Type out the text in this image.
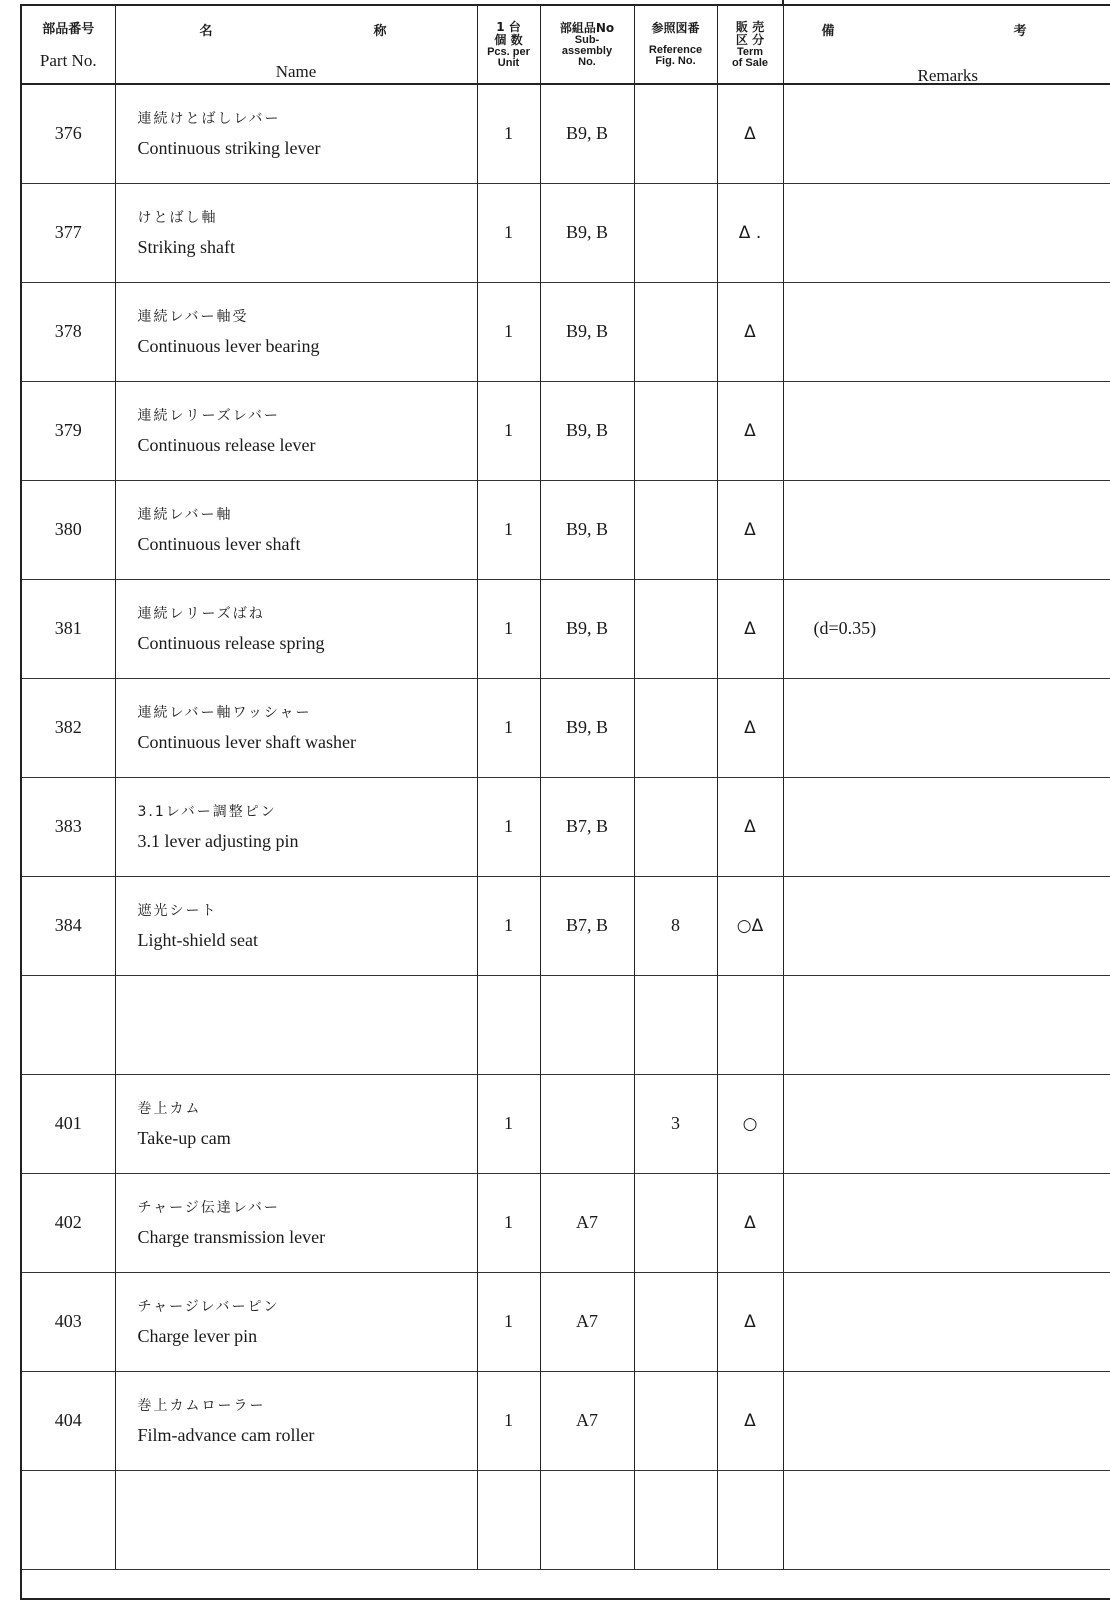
部品番号
Part No.	名 称
Name	1 台
個 数
Pcs. per
Unit	部組品No
Sub-
assembly
No.	参照図番
Reference
Fig. No.	販 売
区 分
Term
of Sale	備 考
Remarks

376	連続けとばしレバー
Continuous striking lever	1	B9, B		Δ	
377	けとばし軸
Striking shaft	1	B9, B		Δ .	
378	連続レバー軸受
Continuous lever bearing	1	B9, B		Δ	
379	連続レリーズレバー
Continuous release lever	1	B9, B		Δ	
380	連続レバー軸
Continuous lever shaft	1	B9, B		Δ	
381	連続レリーズばね
Continuous release spring	1	B9, B		Δ	(d=0.35)
382	連続レバー軸ワッシャー
Continuous lever shaft washer	1	B9, B		Δ	
383	3.1レバー調整ピン
3.1 lever adjusting pin	1	B7, B		Δ	
384	遮光シート
Light-shield seat	1	B7, B	8	○Δ	

401	巻上カム
Take-up cam	1		3	○	
402	チャージ伝達レバー
Charge transmission lever	1	A7		Δ	
403	チャージレバーピン
Charge lever pin	1	A7		Δ	
404	巻上カムローラー
Film-advance cam roller	1	A7		Δ	
